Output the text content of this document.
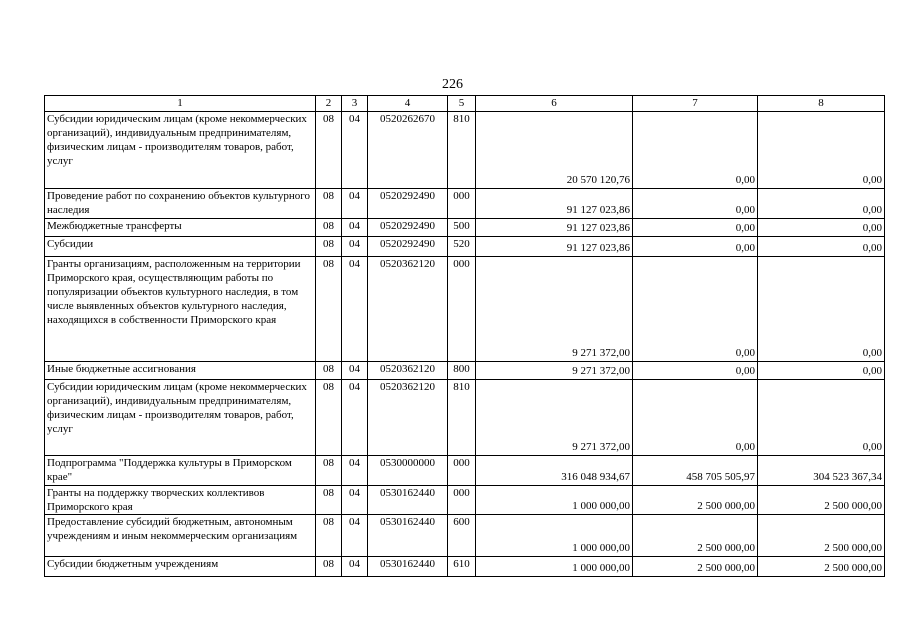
226
1	2	3	4	5	6	7	8
Субсидии юридическим лицам (кроме некоммерческих организаций), индивидуальным предпринимателям, физическим лицам - производителям товаров, работ, услуг	08	04	0520262670	810	20 570 120,76	0,00	0,00
Проведение работ по сохранению объектов культурного наследия	08	04	0520292490	000	91 127 023,86	0,00	0,00
Межбюджетные трансферты	08	04	0520292490	500	91 127 023,86	0,00	0,00
Субсидии	08	04	0520292490	520	91 127 023,86	0,00	0,00
Гранты организациям, расположенным на территории Приморского края, осуществляющим работы по популяризации объектов культурного наследия, в том числе выявленных объектов культурного наследия, находящихся в собственности Приморского края	08	04	0520362120	000	9 271 372,00	0,00	0,00
Иные бюджетные ассигнования	08	04	0520362120	800	9 271 372,00	0,00	0,00
Субсидии юридическим лицам (кроме некоммерческих организаций), индивидуальным предпринимателям, физическим лицам - производителям товаров, работ, услуг	08	04	0520362120	810	9 271 372,00	0,00	0,00
Подпрограмма "Поддержка культуры в Приморском крае"	08	04	0530000000	000	316 048 934,67	458 705 505,97	304 523 367,34
Гранты на поддержку творческих коллективов Приморского края	08	04	0530162440	000	1 000 000,00	2 500 000,00	2 500 000,00
Предоставление субсидий бюджетным, автономным учреждениям и иным некоммерческим организациям	08	04	0530162440	600	1 000 000,00	2 500 000,00	2 500 000,00
Субсидии бюджетным учреждениям	08	04	0530162440	610	1 000 000,00	2 500 000,00	2 500 000,00
